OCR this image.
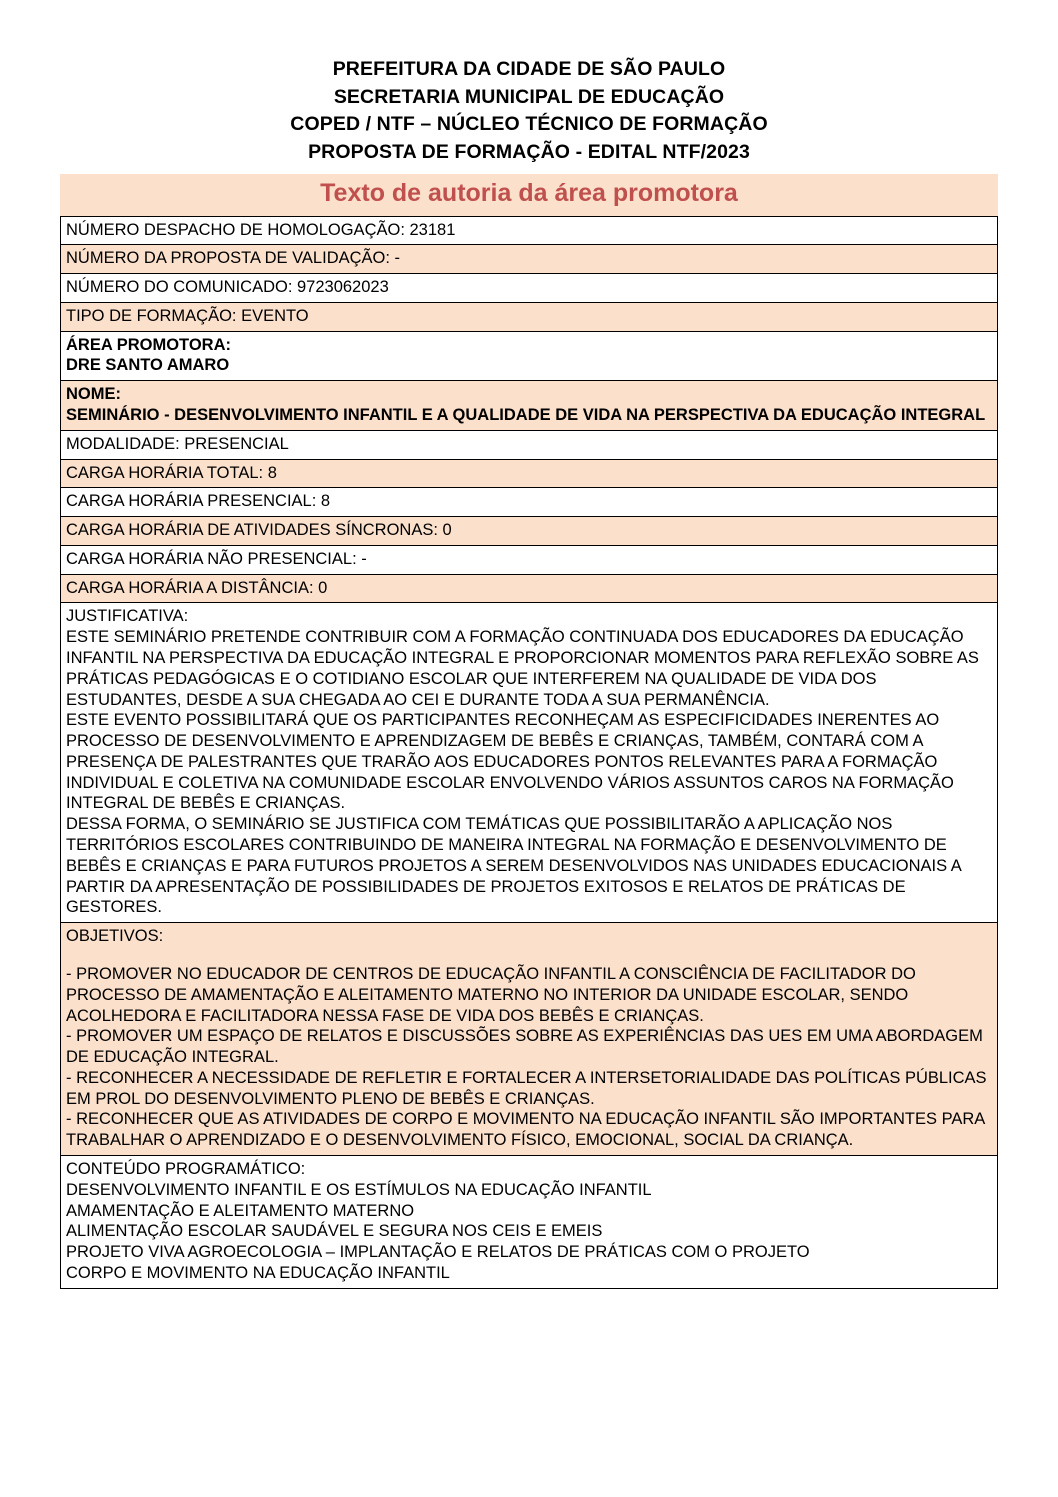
PREFEITURA DA CIDADE DE SÃO PAULO
SECRETARIA MUNICIPAL DE EDUCAÇÃO
COPED / NTF – NÚCLEO TÉCNICO DE FORMAÇÃO
PROPOSTA DE FORMAÇÃO - EDITAL NTF/2023
Texto de autoria da área promotora
NÚMERO DESPACHO DE HOMOLOGAÇÃO: 23181
NÚMERO DA PROPOSTA DE VALIDAÇÃO: -
NÚMERO DO COMUNICADO: 9723062023
TIPO DE FORMAÇÃO: EVENTO

ÁREA PROMOTORA:
DRE SANTO AMARO

NOME:
SEMINÁRIO - DESENVOLVIMENTO INFANTIL E A QUALIDADE DE VIDA NA PERSPECTIVA DA EDUCAÇÃO INTEGRAL

MODALIDADE: PRESENCIAL
CARGA HORÁRIA TOTAL: 8
CARGA HORÁRIA PRESENCIAL: 8
CARGA HORÁRIA DE ATIVIDADES SÍNCRONAS: 0
CARGA HORÁRIA NÃO PRESENCIAL: -
CARGA HORÁRIA A DISTÂNCIA: 0

JUSTIFICATIVA:
ESTE SEMINÁRIO PRETENDE CONTRIBUIR COM A FORMAÇÃO CONTINUADA DOS EDUCADORES DA EDUCAÇÃO INFANTIL NA PERSPECTIVA DA EDUCAÇÃO INTEGRAL E PROPORCIONAR MOMENTOS PARA REFLEXÃO SOBRE AS PRÁTICAS PEDAGÓGICAS E O COTIDIANO ESCOLAR QUE INTERFEREM NA QUALIDADE DE VIDA DOS ESTUDANTES, DESDE A SUA CHEGADA AO CEI E DURANTE TODA A SUA PERMANÊNCIA.
ESTE EVENTO POSSIBILITARÁ QUE OS PARTICIPANTES RECONHEÇAM AS ESPECIFICIDADES INERENTES AO PROCESSO DE DESENVOLVIMENTO E APRENDIZAGEM DE BEBÊS E CRIANÇAS, TAMBÉM, CONTARÁ COM A PRESENÇA DE PALESTRANTES QUE TRARÃO AOS EDUCADORES PONTOS RELEVANTES PARA A FORMAÇÃO INDIVIDUAL E COLETIVA NA COMUNIDADE ESCOLAR ENVOLVENDO VÁRIOS ASSUNTOS CAROS NA FORMAÇÃO INTEGRAL DE BEBÊS E CRIANÇAS.
DESSA FORMA, O SEMINÁRIO SE JUSTIFICA COM TEMÁTICAS QUE POSSIBILITARÃO A APLICAÇÃO NOS TERRITÓRIOS ESCOLARES CONTRIBUINDO DE MANEIRA INTEGRAL NA FORMAÇÃO E DESENVOLVIMENTO DE BEBÊS E CRIANÇAS E PARA FUTUROS PROJETOS A SEREM DESENVOLVIDOS NAS UNIDADES EDUCACIONAIS A PARTIR DA APRESENTAÇÃO DE POSSIBILIDADES DE PROJETOS EXITOSOS E RELATOS DE PRÁTICAS DE GESTORES.

OBJETIVOS:
- PROMOVER NO EDUCADOR DE CENTROS DE EDUCAÇÃO INFANTIL A CONSCIÊNCIA DE FACILITADOR DO PROCESSO DE AMAMENTAÇÃO E ALEITAMENTO MATERNO NO INTERIOR DA UNIDADE ESCOLAR, SENDO ACOLHEDORA E FACILITADORA NESSA FASE DE VIDA DOS BEBÊS E CRIANÇAS.
- PROMOVER UM ESPAÇO DE RELATOS E DISCUSSÕES SOBRE AS EXPERIÊNCIAS DAS UES EM UMA ABORDAGEM DE EDUCAÇÃO INTEGRAL.
- RECONHECER A NECESSIDADE DE REFLETIR E FORTALECER A INTERSETORIALIDADE DAS POLÍTICAS PÚBLICAS EM PROL DO DESENVOLVIMENTO PLENO DE BEBÊS E CRIANÇAS.
- RECONHECER QUE AS ATIVIDADES DE CORPO E MOVIMENTO NA EDUCAÇÃO INFANTIL SÃO IMPORTANTES PARA TRABALHAR O APRENDIZADO E O DESENVOLVIMENTO FÍSICO, EMOCIONAL, SOCIAL DA CRIANÇA.

CONTEÚDO PROGRAMÁTICO:
DESENVOLVIMENTO INFANTIL E OS ESTÍMULOS NA EDUCAÇÃO INFANTIL
AMAMENTAÇÃO E ALEITAMENTO MATERNO
ALIMENTAÇÃO ESCOLAR SAUDÁVEL E SEGURA NOS CEIS E EMEIS
PROJETO VIVA AGROECOLOGIA – IMPLANTAÇÃO E RELATOS DE PRÁTICAS COM O PROJETO
CORPO E MOVIMENTO NA EDUCAÇÃO INFANTIL
